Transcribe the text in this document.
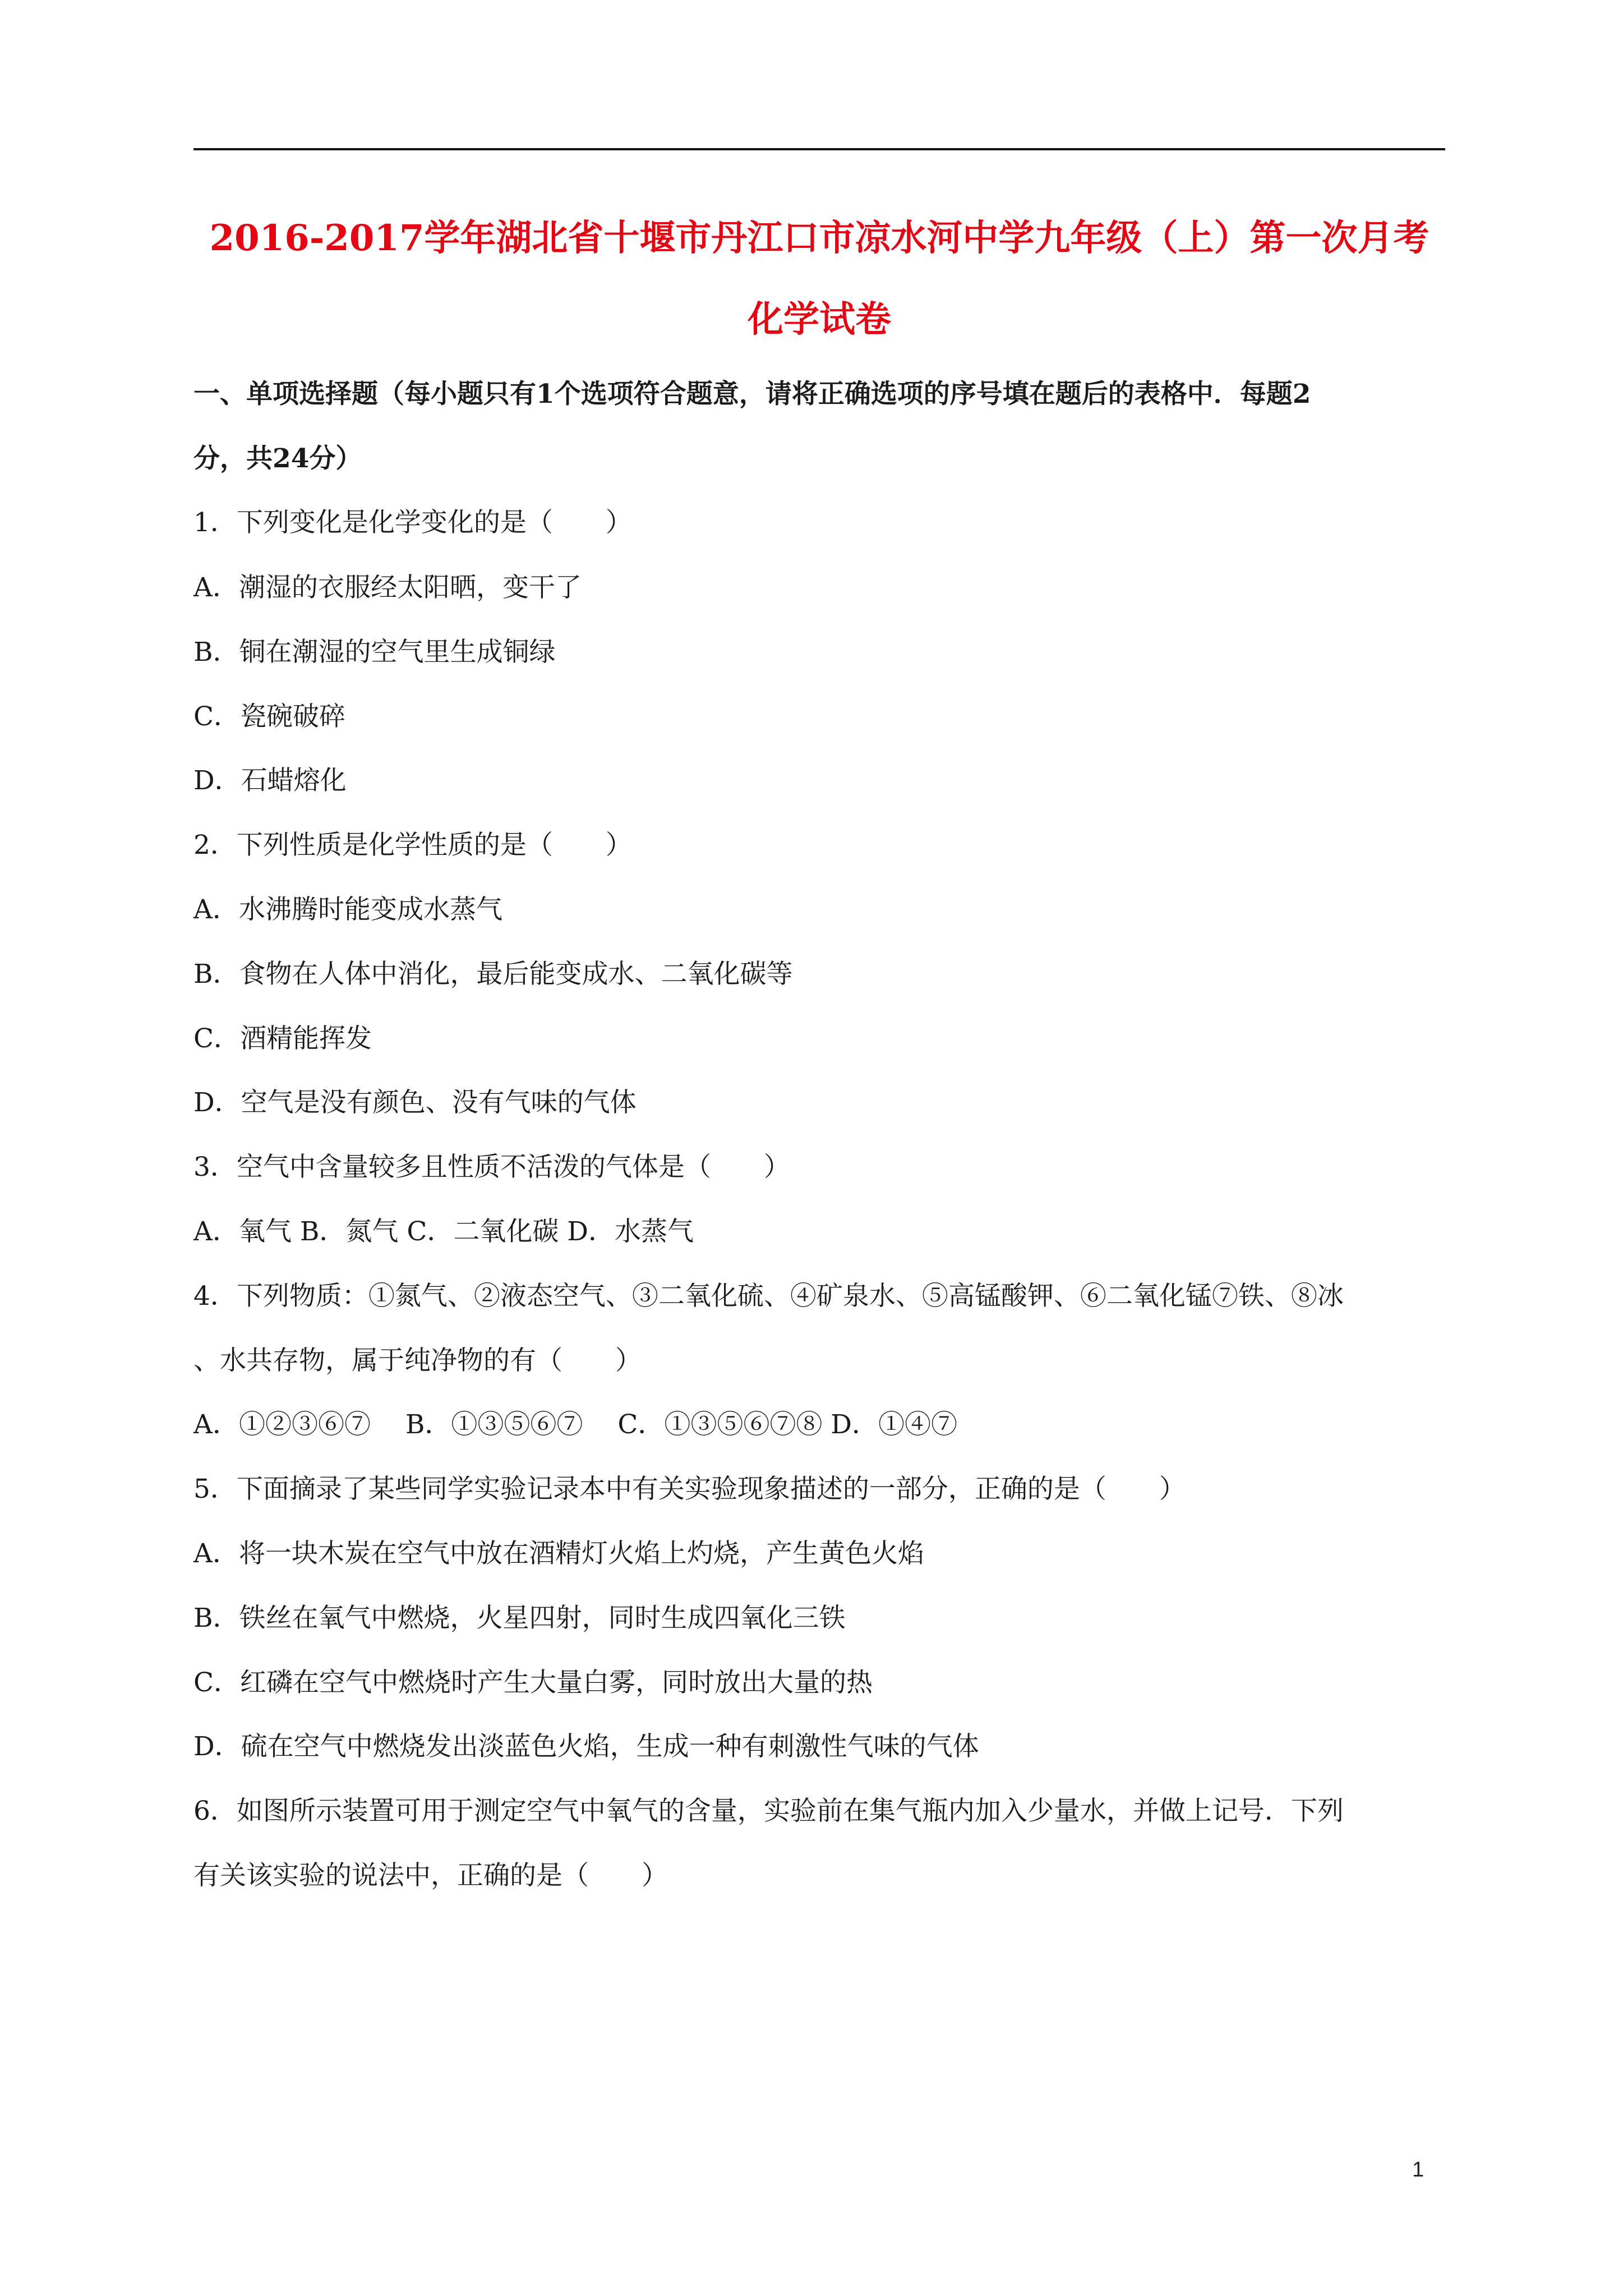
2016-2017学年湖北省十堰市丹江口市凉水河中学九年级（上）第一次月考
化学试卷
一、单项选择题（每小题只有1个选项符合题意，请将正确选项的序号填在题后的表格中．每题2
分，共24分）
1．下列变化是化学变化的是（　　）
A．潮湿的衣服经太阳晒，变干了
B．铜在潮湿的空气里生成铜绿
C．瓷碗破碎
D．石蜡熔化
2．下列性质是化学性质的是（　　）
A．水沸腾时能变成水蒸气
B．食物在人体中消化，最后能变成水、二氧化碳等
C．酒精能挥发
D．空气是没有颜色、没有气味的气体
3．空气中含量较多且性质不活泼的气体是（　　）
A．氧气 B．氮气 C．二氧化碳 D．水蒸气
4．下列物质：①氮气、②液态空气、③二氧化硫、④矿泉水、⑤高锰酸钾、⑥二氧化锰⑦铁、⑧冰
、水共存物，属于纯净物的有（　　）
A．①②③⑥⑦　 B．①③⑤⑥⑦　 C．①③⑤⑥⑦⑧ D．①④⑦
5．下面摘录了某些同学实验记录本中有关实验现象描述的一部分，正确的是（　　）
A．将一块木炭在空气中放在酒精灯火焰上灼烧，产生黄色火焰
B．铁丝在氧气中燃烧，火星四射，同时生成四氧化三铁
C．红磷在空气中燃烧时产生大量白雾，同时放出大量的热
D．硫在空气中燃烧发出淡蓝色火焰，生成一种有刺激性气味的气体
6．如图所示装置可用于测定空气中氧气的含量，实验前在集气瓶内加入少量水，并做上记号．下列
有关该实验的说法中，正确的是（　　）
1
